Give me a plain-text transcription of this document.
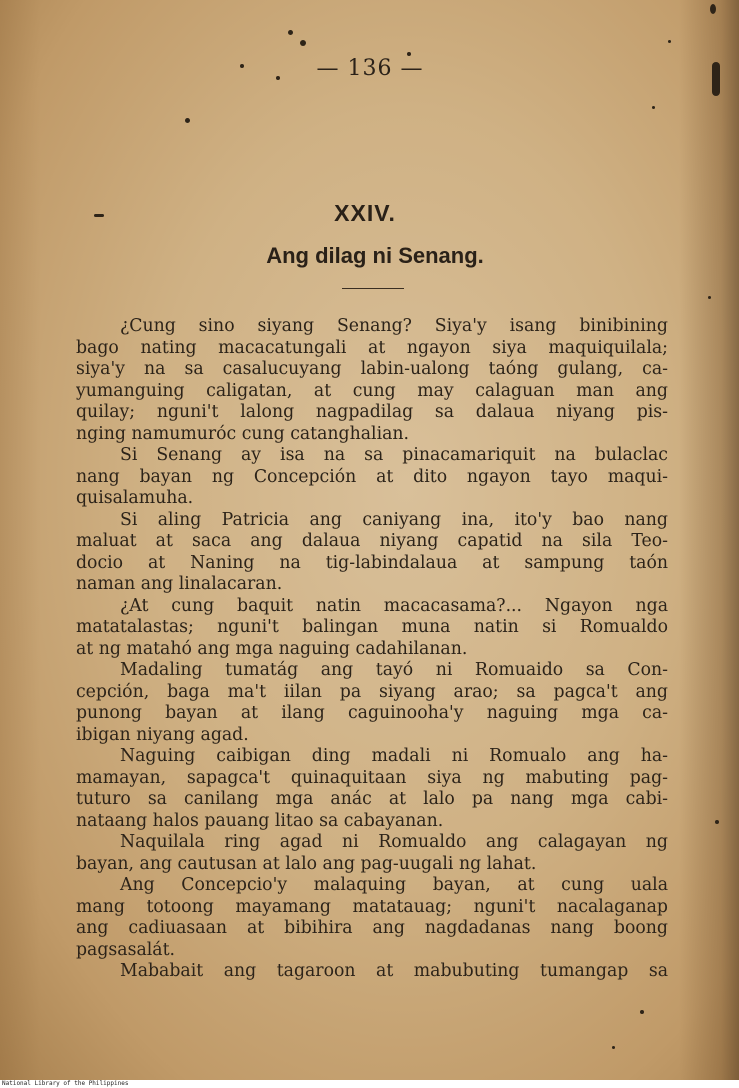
— 136 —
XXIV.
Ang dilag ni Senang.
¿Cung sino siyang Senang? Siya'y isang binibining
bago nating macacatungali at ngayon siya maquiquilala;
siya'y na sa casalucuyang labin-ualong taóng gulang, ca-
yumanguing caligatan, at cung may calaguan man ang
quilay; nguni't lalong nagpadilag sa dalaua niyang pis-
nging namumuróc cung catanghalian.
Si Senang ay isa na sa pinacamariquit na bulaclac
nang bayan ng Concepción at dito ngayon tayo maqui-
quisalamuha.
Si aling Patricia ang caniyang ina, ito'y bao nang
maluat at saca ang dalaua niyang capatid na sila Teo-
docio at Naning na tig-labindalaua at sampung taón
naman ang linalacaran.
¿At cung baquit natin macacasama?... Ngayon nga
matatalastas; nguni't balingan muna natin si Romualdo
at ng matahó ang mga naguing cadahilanan.
Madaling tumatág ang tayó ni Romuaido sa Con-
cepción, baga ma't iilan pa siyang arao; sa pagca't ang
punong bayan at ilang caguinooha'y naguing mga ca-
ibigan niyang agad.
Naguing caibigan ding madali ni Romualo ang ha-
mamayan, sapagca't quinaquitaan siya ng mabuting pag-
tuturo sa canilang mga anác at lalo pa nang mga cabi-
nataang halos pauang litao sa cabayanan.
Naquilala ring agad ni Romualdo ang calagayan ng
bayan, ang cautusan at lalo ang pag-uugali ng lahat.
Ang Concepcio'y malaquing bayan, at cung uala
mang totoong mayamang matatauag; nguni't nacalaganap
ang cadiuasaan at bibihira ang nagdadanas nang boong
pagsasalát.
Mababait ang tagaroon at mabubuting tumangap sa
National Library of the Philippines
